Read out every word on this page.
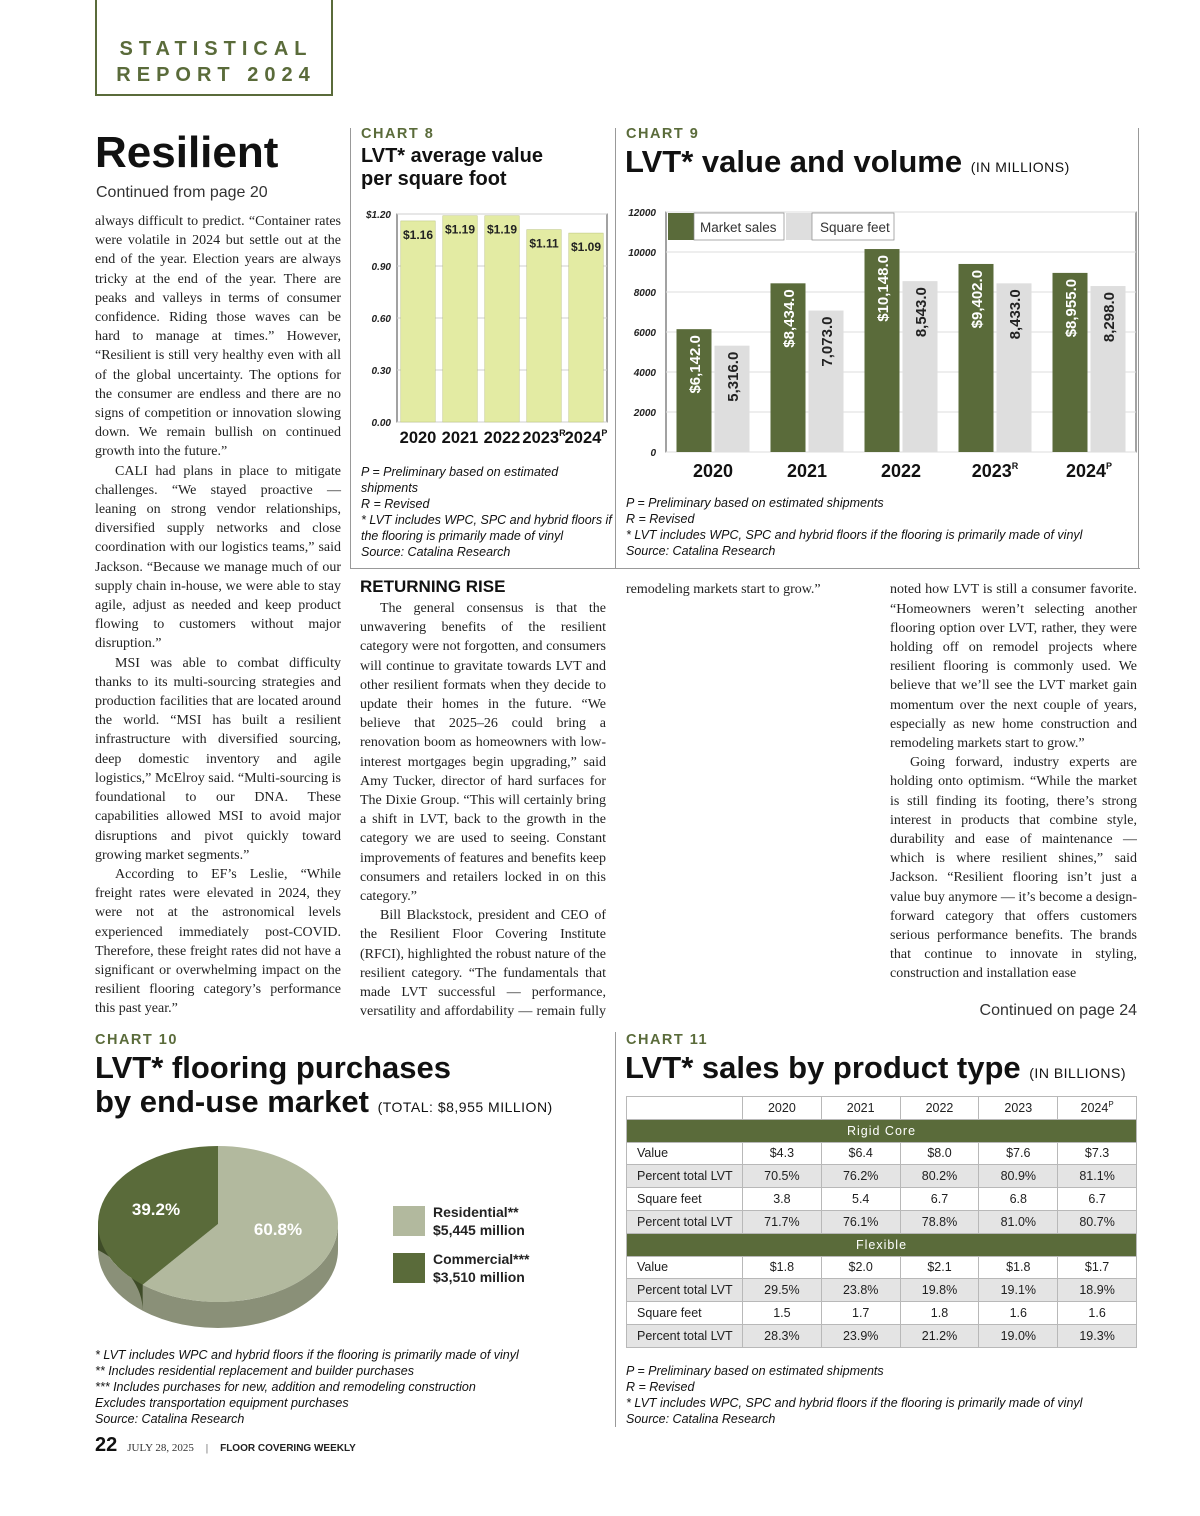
STATISTICAL
REPORT 2024
Resilient
Continued from page 20

always difficult to predict. “Container rates were volatile in 2024 but settle out at the end of the year. Election years are always tricky at the end of the year. There are peaks and valleys in terms of consumer confidence. Riding those waves can be hard to manage at times.” However, “Resilient is still very healthy even with all of the global uncertainty. The options for the consumer are endless and there are no signs of competition or innovation slowing down. We remain bullish on continued growth into the future.”

CALI had plans in place to mitigate challenges. “We stayed proactive — leaning on strong vendor relationships, diversified supply networks and close coordination with our logistics teams,” said Jackson. “Because we manage much of our supply chain in-house, we were able to stay agile, adjust as needed and keep product flowing to customers without major disruption.”

MSI was able to combat difficulty thanks to its multi-sourcing strategies and production facilities that are located around the world. “MSI has built a resilient infrastructure with diversified sourcing, deep domestic inventory and agile logistics,” McElroy said. “Multi-sourcing is foundational to our DNA. These capabilities allowed MSI to avoid major disruptions and pivot quickly toward growing market segments.”

According to EF’s Leslie, “While freight rates were elevated in 2024, they were not at the astronomical levels experienced immediately post-COVID. Therefore, these freight rates did not have a significant or overwhelming impact on the resilient flooring category’s performance this past year.”

CHART 8
LVT* average value
per square foot
0.00
0.30
0.60
0.90
$1.20
$1.16
2020
$1.19
2021
$1.19
2022
$1.11
$2023^R$
$1.09
$2024^P$
P = Preliminary based on estimated shipments
R = Revised
* LVT includes WPC, SPC and hybrid floors if the flooring is primarily made of vinyl
Source: Catalina Research
CHART 9
LVT* value and volume (IN MILLIONS)
0
2000
4000
6000
8000
10000
12000
$6,142.0 5,316.0
2020
$8,434.0 7,073.0
2021
$10,148.0 8,543.0
2022
$9,402.0 8,433.0
$2023^R$
$8,955.0 8,298.0
$2024^P$
Market sales	Square feet
P = Preliminary based on estimated shipments
R = Revised
* LVT includes WPC, SPC and hybrid floors if the flooring is primarily made of vinyl
Source: Catalina Research
RETURNING RISE

The general consensus is that the unwavering benefits of the resilient category were not forgotten, and consumers will continue to gravitate towards LVT and other resilient formats when they decide to update their homes in the future. “We believe that 2025–26 could bring a renovation boom as homeowners with low-interest mortgages begin upgrading,” said Amy Tucker, director of hard surfaces for The Dixie Group. “This will certainly bring a shift in LVT, back to the growth in the category we are used to seeing. Constant improvements of features and benefits keep consumers and retailers locked in on this category.”

Bill Blackstock, president and CEO of the Resilient Floor Covering Institute (RFCI), highlighted the robust nature of the resilient category. “The fundamentals that made LVT successful — performance, versatility and affordability — remain fully

remodeling markets start to grow.”	noted how LVT is still a consumer favorite. “Homeowners weren’t selecting another flooring option over LVT, rather, they were holding off on remodel projects where resilient flooring is commonly used. We believe that we’ll see the LVT market gain momentum over the next couple of years, especially as new home construction and remodeling markets start to grow.”

Going forward, industry experts are holding onto optimism. “While the market is still finding its footing, there’s strong interest in products that combine style, durability and ease of maintenance — which is where resilient shines,” said Jackson. “Resilient flooring isn’t just a value buy anymore — it’s become a design-forward category that offers customers serious performance benefits. The brands that continue to innovate in styling, construction and installation ease

Continued on page 24
CHART 10
LVT* flooring purchases
by end-use market (TOTAL: $8,955 MILLION)
60.8%
39.2%	Residential**
$5,445 million
Commercial***
$3,510 million
* LVT includes WPC and hybrid floors if the flooring is primarily made of vinyl
** Includes residential replacement and builder purchases
*** Includes purchases for new, addition and remodeling construction
Excludes transportation equipment purchases
Source: Catalina Research
CHART 11
LVT* sales by product type (IN BILLIONS)
	2020	2021	2022	2023	$2024^P$
Rigid Core					
Value	$4.3	$6.4	$8.0	$7.6	$7.3
Percent total LVT	70.5%	76.2%	80.2%	80.9%	81.1%
Square feet	3.8	5.4	6.7	6.8	6.7
Percent total LVT	71.7%	76.1%	78.8%	81.0%	80.7%
Flexible					
Value	$1.8	$2.0	$2.1	$1.8	$1.7
Percent total LVT	29.5%	23.8%	19.8%	19.1%	18.9%
Square feet	1.5	1.7	1.8	1.6	1.6
Percent total LVT	28.3%	23.9%	21.2%	19.0%	19.3%
P = Preliminary based on estimated shipments
R = Revised
* LVT includes WPC, SPC and hybrid floors if the flooring is primarily made of vinyl
Source: Catalina Research
22 JULY 28, 2025 | FLOOR COVERING WEEKLY
